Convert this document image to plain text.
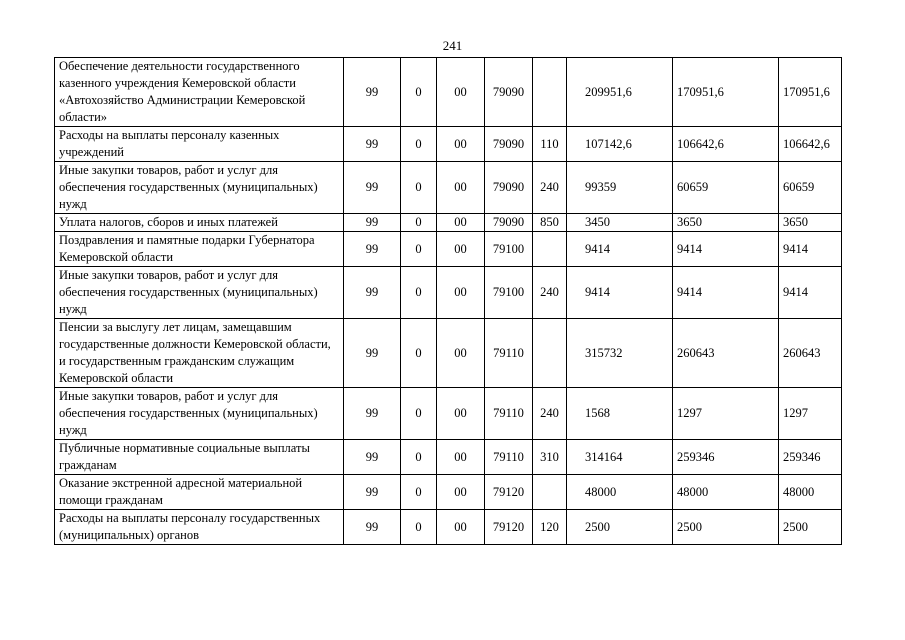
241
Обеспечение деятельности государственного казенного учреждения Кемеровской области «Автохозяйство Администрации Кемеровской области»	99	0	00	79090		209951,6	170951,6	170951,6
Расходы на выплаты персоналу казенных учреждений	99	0	00	79090	110	107142,6	106642,6	106642,6
Иные закупки товаров, работ и услуг для обеспечения государственных (муниципальных) нужд	99	0	00	79090	240	99359	60659	60659
Уплата налогов, сборов и иных платежей	99	0	00	79090	850	3450	3650	3650
Поздравления и памятные подарки Губернатора Кемеровской области	99	0	00	79100		9414	9414	9414
Иные закупки товаров, работ и услуг для обеспечения государственных (муниципальных) нужд	99	0	00	79100	240	9414	9414	9414
Пенсии за выслугу лет лицам, замещавшим государственные должности Кемеровской области, и государственным гражданским служащим Кемеровской области	99	0	00	79110		315732	260643	260643
Иные закупки товаров, работ и услуг для обеспечения государственных (муниципальных) нужд	99	0	00	79110	240	1568	1297	1297
Публичные нормативные социальные выплаты гражданам	99	0	00	79110	310	314164	259346	259346
Оказание экстренной адресной материальной помощи гражданам	99	0	00	79120		48000	48000	48000
Расходы на выплаты персоналу государственных (муниципальных) органов	99	0	00	79120	120	2500	2500	2500
